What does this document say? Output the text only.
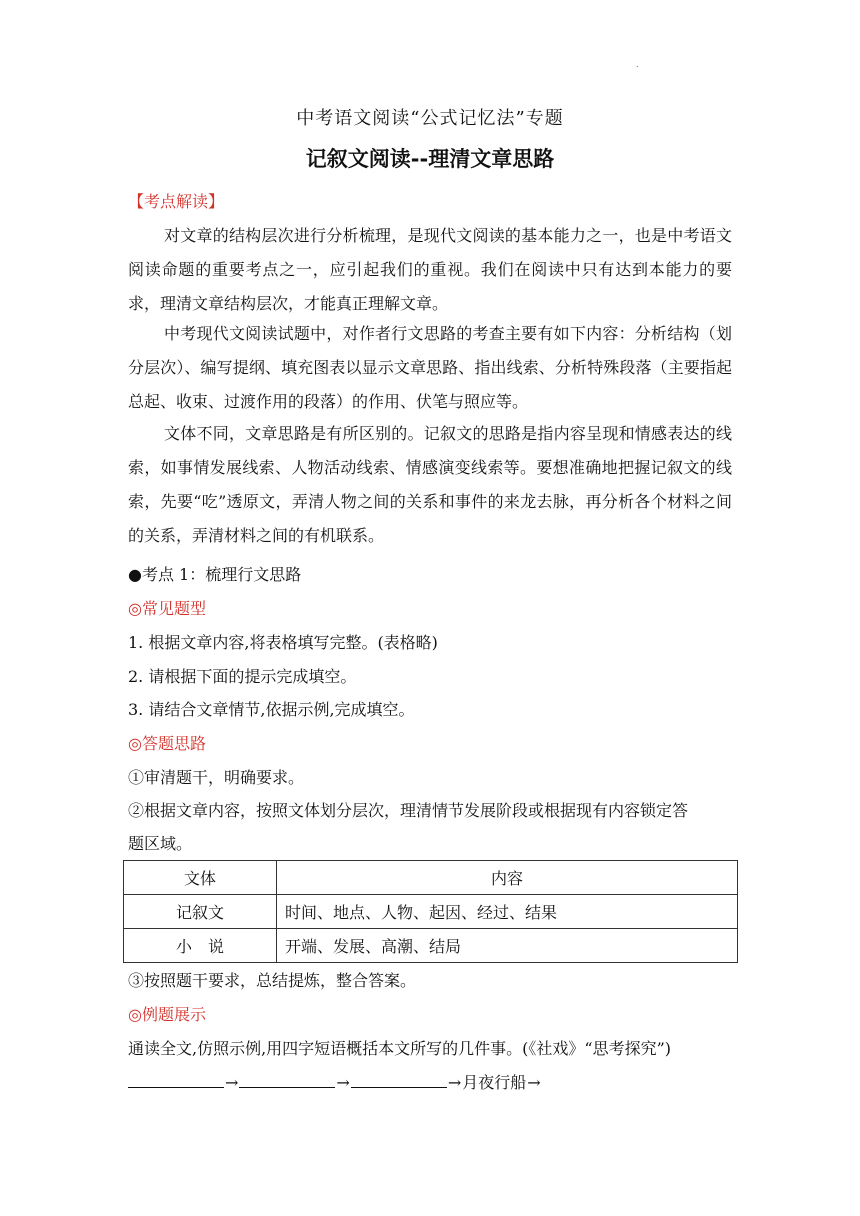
.
中考语文阅读“公式记忆法”专题
记叙文阅读--理清文章思路
【考点解读】

对文章的结构层次进行分析梳理，是现代文阅读的基本能力之一，也是中考语文阅读命题的重要考点之一，应引起我们的重视。我们在阅读中只有达到本能力的要求，理清文章结构层次，才能真正理解文章。

中考现代文阅读试题中，对作者行文思路的考查主要有如下内容：分析结构（划分层次）、编写提纲、填充图表以显示文章思路、指出线索、分析特殊段落（主要指起总起、收束、过渡作用的段落）的作用、伏笔与照应等。

文体不同，文章思路是有所区别的。记叙文的思路是指内容呈现和情感表达的线索，如事情发展线索、人物活动线索、情感演变线索等。要想准确地把握记叙文的线索，先要“吃”透原文，弄清人物之间的关系和事件的来龙去脉，再分析各个材料之间的关系，弄清材料之间的有机联系。

●考点 1：梳理行文思路

◎常见题型

1. 根据文章内容,将表格填写完整。(表格略)

2. 请根据下面的提示完成填空。

3. 请结合文章情节,依据示例,完成填空。

◎答题思路

①审清题干，明确要求。

②根据文章内容，按照文体划分层次，理清情节发展阶段或根据现有内容锁定答

题区域。

文体	内容
记叙文	时间、地点、人物、起因、经过、结果
小　说	开端、发展、高潮、结局

③按照题干要求，总结提炼，整合答案。

◎例题展示

通读全文,仿照示例,用四字短语概括本文所写的几件事。(《社戏》“思考探究”)

→	→	→月夜行船→
